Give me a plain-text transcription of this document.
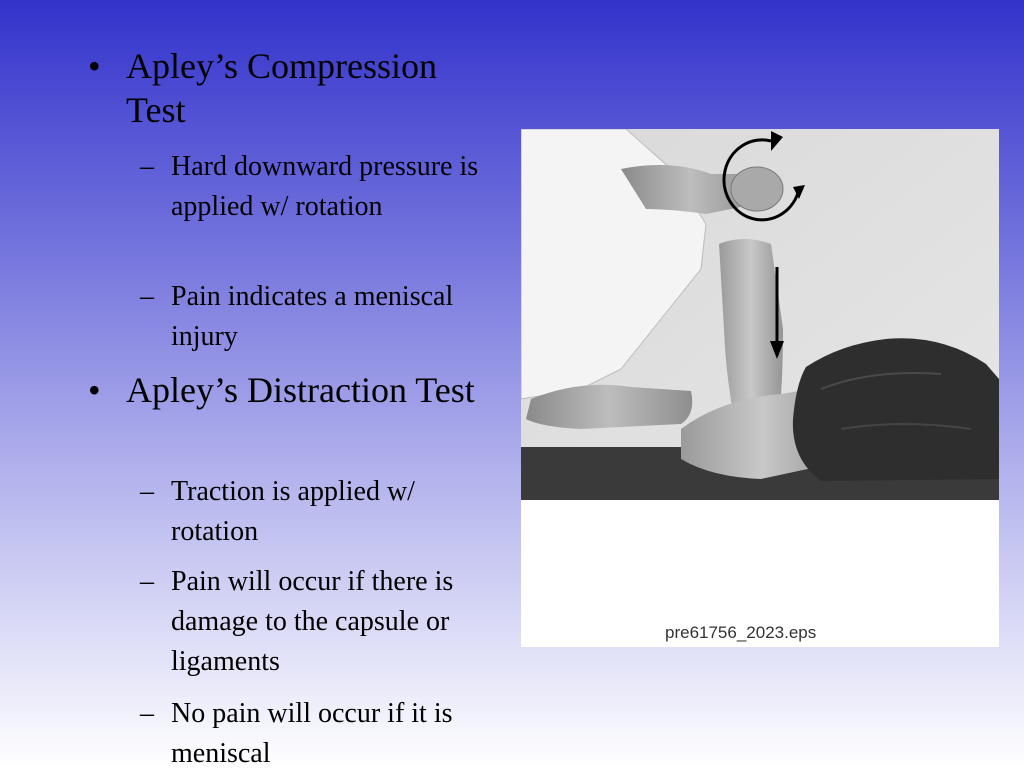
• Apley’s Compression Test
– Hard downward pressure is applied w/ rotation
– Pain indicates a meniscal injury
• Apley’s Distraction Test
– Traction is applied w/ rotation
– Pain will occur if there is damage to the capsule or ligaments
– No pain will occur if it is meniscal
pre61756_2023.eps
